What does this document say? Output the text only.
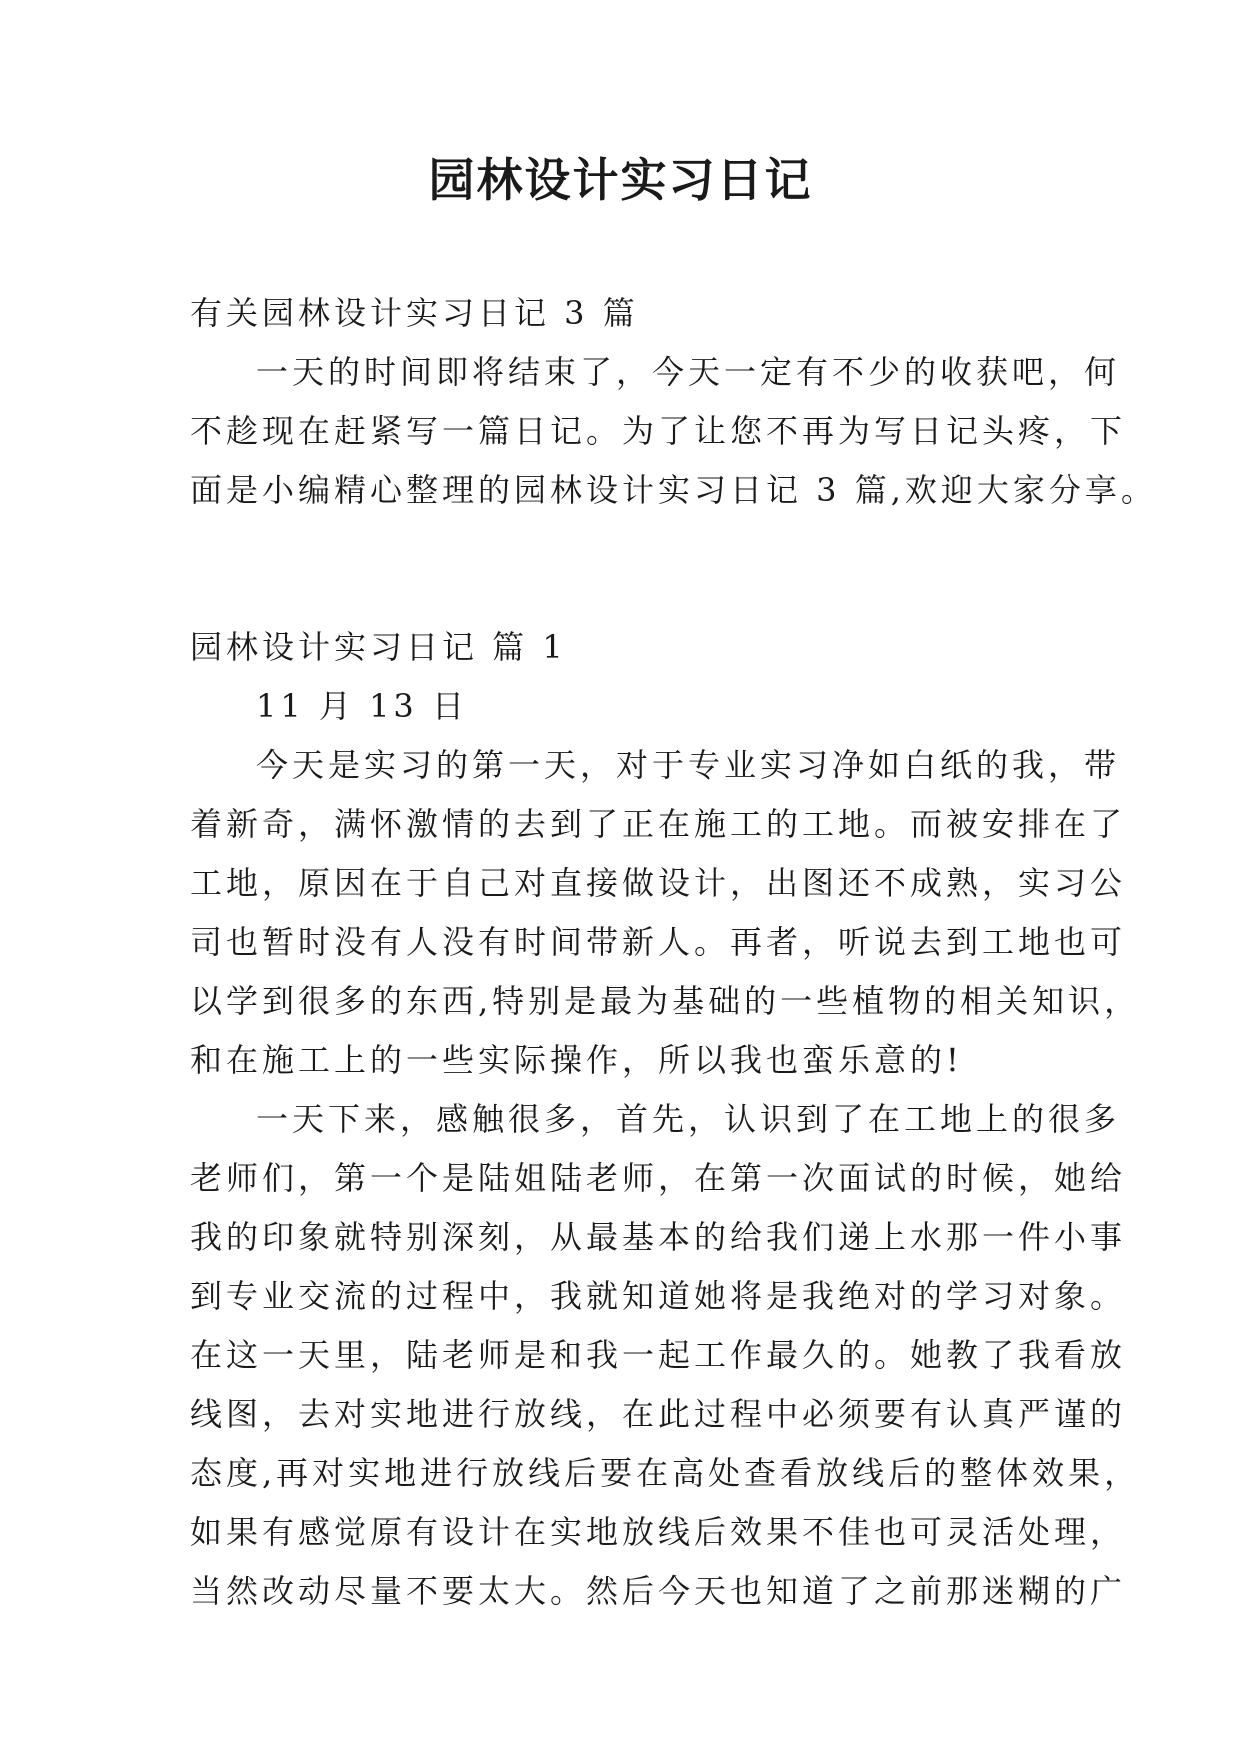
园林设计实习日记
有关园林设计实习日记 3 篇
一天的时间即将结束了，今天一定有不少的收获吧，何
不趁现在赶紧写一篇日记。为了让您不再为写日记头疼，下
面是小编精心整理的园林设计实习日记 3 篇,欢迎大家分享。
园林设计实习日记 篇 1
11 月 13 日
今天是实习的第一天，对于专业实习净如白纸的我，带
着新奇，满怀激情的去到了正在施工的工地。而被安排在了
工地，原因在于自己对直接做设计，出图还不成熟，实习公
司也暂时没有人没有时间带新人。再者，听说去到工地也可
以学到很多的东西,特别是最为基础的一些植物的相关知识，
和在施工上的一些实际操作，所以我也蛮乐意的!
一天下来，感触很多，首先，认识到了在工地上的很多
老师们，第一个是陆姐陆老师，在第一次面试的时候，她给
我的印象就特别深刻，从最基本的给我们递上水那一件小事
到专业交流的过程中，我就知道她将是我绝对的学习对象。
在这一天里，陆老师是和我一起工作最久的。她教了我看放
线图，去对实地进行放线，在此过程中必须要有认真严谨的
态度,再对实地进行放线后要在高处查看放线后的整体效果，
如果有感觉原有设计在实地放线后效果不佳也可灵活处理，
当然改动尽量不要太大。然后今天也知道了之前那迷糊的广
